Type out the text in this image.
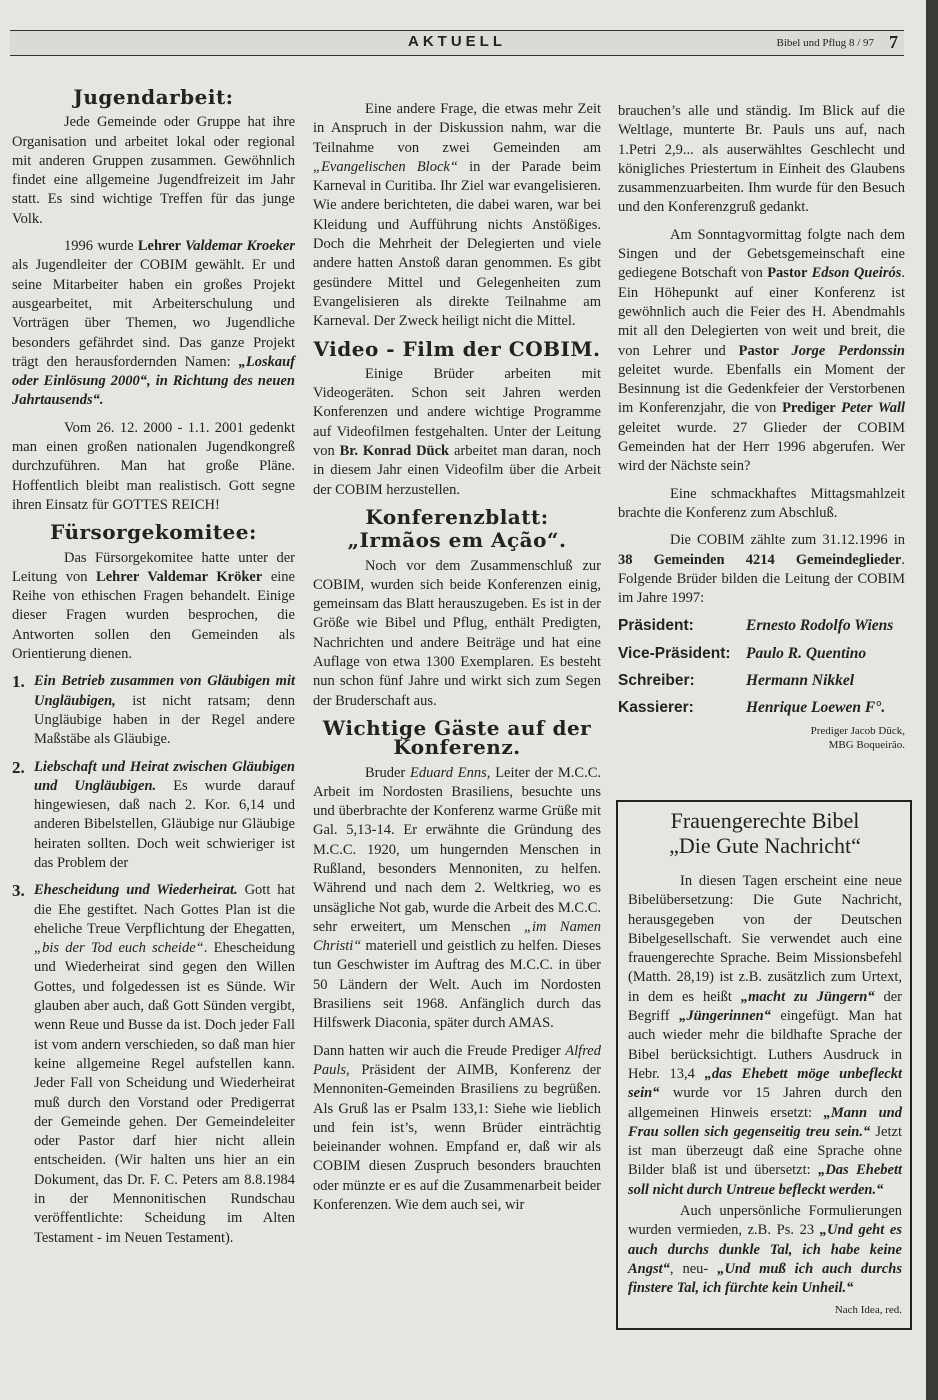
AKTUELL	Bibel und Pflug 8 / 97 7
Jugendarbeit:

Jede Gemeinde oder Gruppe hat ihre Organisation und arbeitet lokal oder regional mit anderen Gruppen zusammen. Gewöhnlich findet eine allgemeine Jugendfreizeit im Jahr statt. Es sind wichtige Treffen für das junge Volk.

1996 wurde Lehrer Valdemar Kroeker als Jugendleiter der COBIM gewählt. Er und seine Mitarbeiter haben ein großes Projekt ausgearbeitet, mit Arbeiterschulung und Vorträgen über Themen, wo Jugendliche besonders gefährdet sind. Das ganze Projekt trägt den herausfordernden Namen: „Loskauf oder Einlösung 2000“, in Richtung des neuen Jahrtausends“.

Vom 26. 12. 2000 - 1.1. 2001 gedenkt man einen großen nationalen Jugendkongreß durchzuführen. Man hat große Pläne. Hoffentlich bleibt man realistisch. Gott segne ihren Einsatz für GOTTES REICH!

Fürsorgekomitee:

Das Fürsorgekomitee hatte unter der Leitung von Lehrer Valdemar Kröker eine Reihe von ethischen Fragen behandelt. Einige dieser Fragen wurden besprochen, die Antworten sollen den Gemeinden als Orientierung dienen.

1. Ein Betrieb zusammen von Gläubigen mit Ungläubigen, ist nicht ratsam; denn Ungläubige haben in der Regel andere Maßstäbe als Gläubige.
2. Liebschaft und Heirat zwischen Gläubigen und Ungläubigen. Es wurde darauf hingewiesen, daß nach 2. Kor. 6,14 und anderen Bibelstellen, Gläubige nur Gläubige heiraten sollten. Doch weit schwieriger ist das Problem der
3. Ehescheidung und Wiederheirat. Gott hat die Ehe gestiftet. Nach Gottes Plan ist die eheliche Treue Verpflichtung der Ehegatten, „bis der Tod euch scheide“. Ehescheidung und Wiederheirat sind gegen den Willen Gottes, und folgedessen ist es Sünde. Wir glauben aber auch, daß Gott Sünden vergibt, wenn Reue und Busse da ist. Doch jeder Fall ist vom andern verschieden, so daß man hier keine allgemeine Regel aufstellen kann. Jeder Fall von Scheidung und Wiederheirat muß durch den Vorstand oder Predigerrat der Gemeinde gehen. Der Gemeindeleiter oder Pastor darf hier nicht allein entscheiden. (Wir halten uns hier an ein Dokument, das Dr. F. C. Peters am 8.8.1984 in der Mennonitischen Rundschau veröffentlichte: Scheidung im Alten Testament - im Neuen Testament).

Eine andere Frage, die etwas mehr Zeit in Anspruch in der Diskussion nahm, war die Teilnahme von zwei Gemeinden am „Evangelischen Block“ in der Parade beim Karneval in Curitiba. Ihr Ziel war evangelisieren. Wie andere berichteten, die dabei waren, war bei Kleidung und Aufführung nichts Anstößiges. Doch die Mehrheit der Delegierten und viele andere hatten Anstoß daran genommen. Es gibt gesündere Mittel und Gelegenheiten zum Evangelisieren als direkte Teilnahme am Karneval. Der Zweck heiligt nicht die Mittel.

Video - Film der COBIM.

Einige Brüder arbeiten mit Videogeräten. Schon seit Jahren werden Konferenzen und andere wichtige Programme auf Videofilmen festgehalten. Unter der Leitung von Br. Konrad Dück arbeitet man daran, noch in diesem Jahr einen Videofilm über die Arbeit der COBIM herzustellen.

Konferenzblatt:
„Irmãos em Ação“.

Noch vor dem Zusammenschluß zur COBIM, wurden sich beide Konferenzen einig, gemeinsam das Blatt herauszugeben. Es ist in der Größe wie Bibel und Pflug, enthält Predigten, Nachrichten und andere Beiträge und hat eine Auflage von etwa 1300 Exemplaren. Es besteht nun schon fünf Jahre und wirkt sich zum Segen der Bruderschaft aus.

Wichtige Gäste auf der Konferenz.

Bruder Eduard Enns, Leiter der M.C.C. Arbeit im Nordosten Brasiliens, besuchte uns und überbrachte der Konferenz warme Grüße mit Gal. 5,13-14. Er erwähnte die Gründung des M.C.C. 1920, um hungernden Menschen in Rußland, besonders Mennoniten, zu helfen. Während und nach dem 2. Weltkrieg, wo es unsägliche Not gab, wurde die Arbeit des M.C.C. sehr erweitert, um Menschen „im Namen Christi“ materiell und geistlich zu helfen. Dieses tun Geschwister im Auftrag des M.C.C. in über 50 Ländern der Welt. Auch im Nordosten Brasiliens seit 1968. Anfänglich durch das Hilfswerk Diaconia, später durch AMAS.

Dann hatten wir auch die Freude Prediger Alfred Pauls, Präsident der AIMB, Konferenz der Mennoniten-Gemeinden Brasiliens zu begrüßen. Als Gruß las er Psalm 133,1: Siehe wie lieblich und fein ist’s, wenn Brüder einträchtig beieinander wohnen. Empfand er, daß wir als COBIM diesen Zuspruch besonders brauchten oder münzte er es auf die Zusammenarbeit beider Konferenzen. Wie dem auch sei, wir

brauchen’s alle und ständig. Im Blick auf die Weltlage, munterte Br. Pauls uns auf, nach 1.Petri 2,9... als auserwähltes Geschlecht und königliches Priestertum in Einheit des Glaubens zusammenzuarbeiten. Ihm wurde für den Besuch und den Konferenzgruß gedankt.

Am Sonntagvormittag folgte nach dem Singen und der Gebetsgemeinschaft eine gediegene Botschaft von Pastor Edson Queirós. Ein Höhepunkt auf einer Konferenz ist gewöhnlich auch die Feier des H. Abendmahls mit all den Delegierten von weit und breit, die von Lehrer und Pastor Jorge Perdonssin geleitet wurde. Ebenfalls ein Moment der Besinnung ist die Gedenkfeier der Verstorbenen im Konferenzjahr, die von Prediger Peter Wall geleitet wurde. 27 Glieder der COBIM Gemeinden hat der Herr 1996 abgerufen. Wer wird der Nächste sein?

Eine schmackhaftes Mittagsmahlzeit brachte die Konferenz zum Abschluß.

Die COBIM zählte zum 31.12.1996 in 38 Gemeinden 4214 Gemeindeglieder. Folgende Brüder bilden die Leitung der COBIM im Jahre 1997:

Präsident:	Ernesto Rodolfo Wiens
Vice-Präsident: Paulo R. Quentino
Schreiber:	Hermann Nikkel
Kassierer:	Henrique Loewen F°.
Prediger Jacob Dück,
MBG Boqueirão.
Frauengerechte Bibel
„Die Gute Nachricht“

In diesen Tagen erscheint eine neue Bibelübersetzung: Die Gute Nachricht, herausgegeben von der Deutschen Bibelgesellschaft. Sie verwendet auch eine frauengerechte Sprache. Beim Missionsbefehl (Matth. 28,19) ist z.B. zusätzlich zum Urtext, in dem es heißt „macht zu Jüngern“ der Begriff „Jüngerinnen“ eingefügt. Man hat auch wieder mehr die bildhafte Sprache der Bibel berücksichtigt. Luthers Ausdruck in Hebr. 13,4 „das Ehebett möge unbefleckt sein“ wurde vor 15 Jahren durch den allgemeinen Hinweis ersetzt: „Mann und Frau sollen sich gegenseitig treu sein.“ Jetzt ist man überzeugt daß eine Sprache ohne Bilder blaß ist und übersetzt: „Das Ehebett soll nicht durch Untreue befleckt werden.“

Auch unpersönliche Formulierungen wurden vermieden, z.B. Ps. 23 „Und geht es auch durchs dunkle Tal, ich habe keine Angst“, neu- „Und muß ich auch durchs finstere Tal, ich fürchte kein Unheil.“

Nach Idea, red.
